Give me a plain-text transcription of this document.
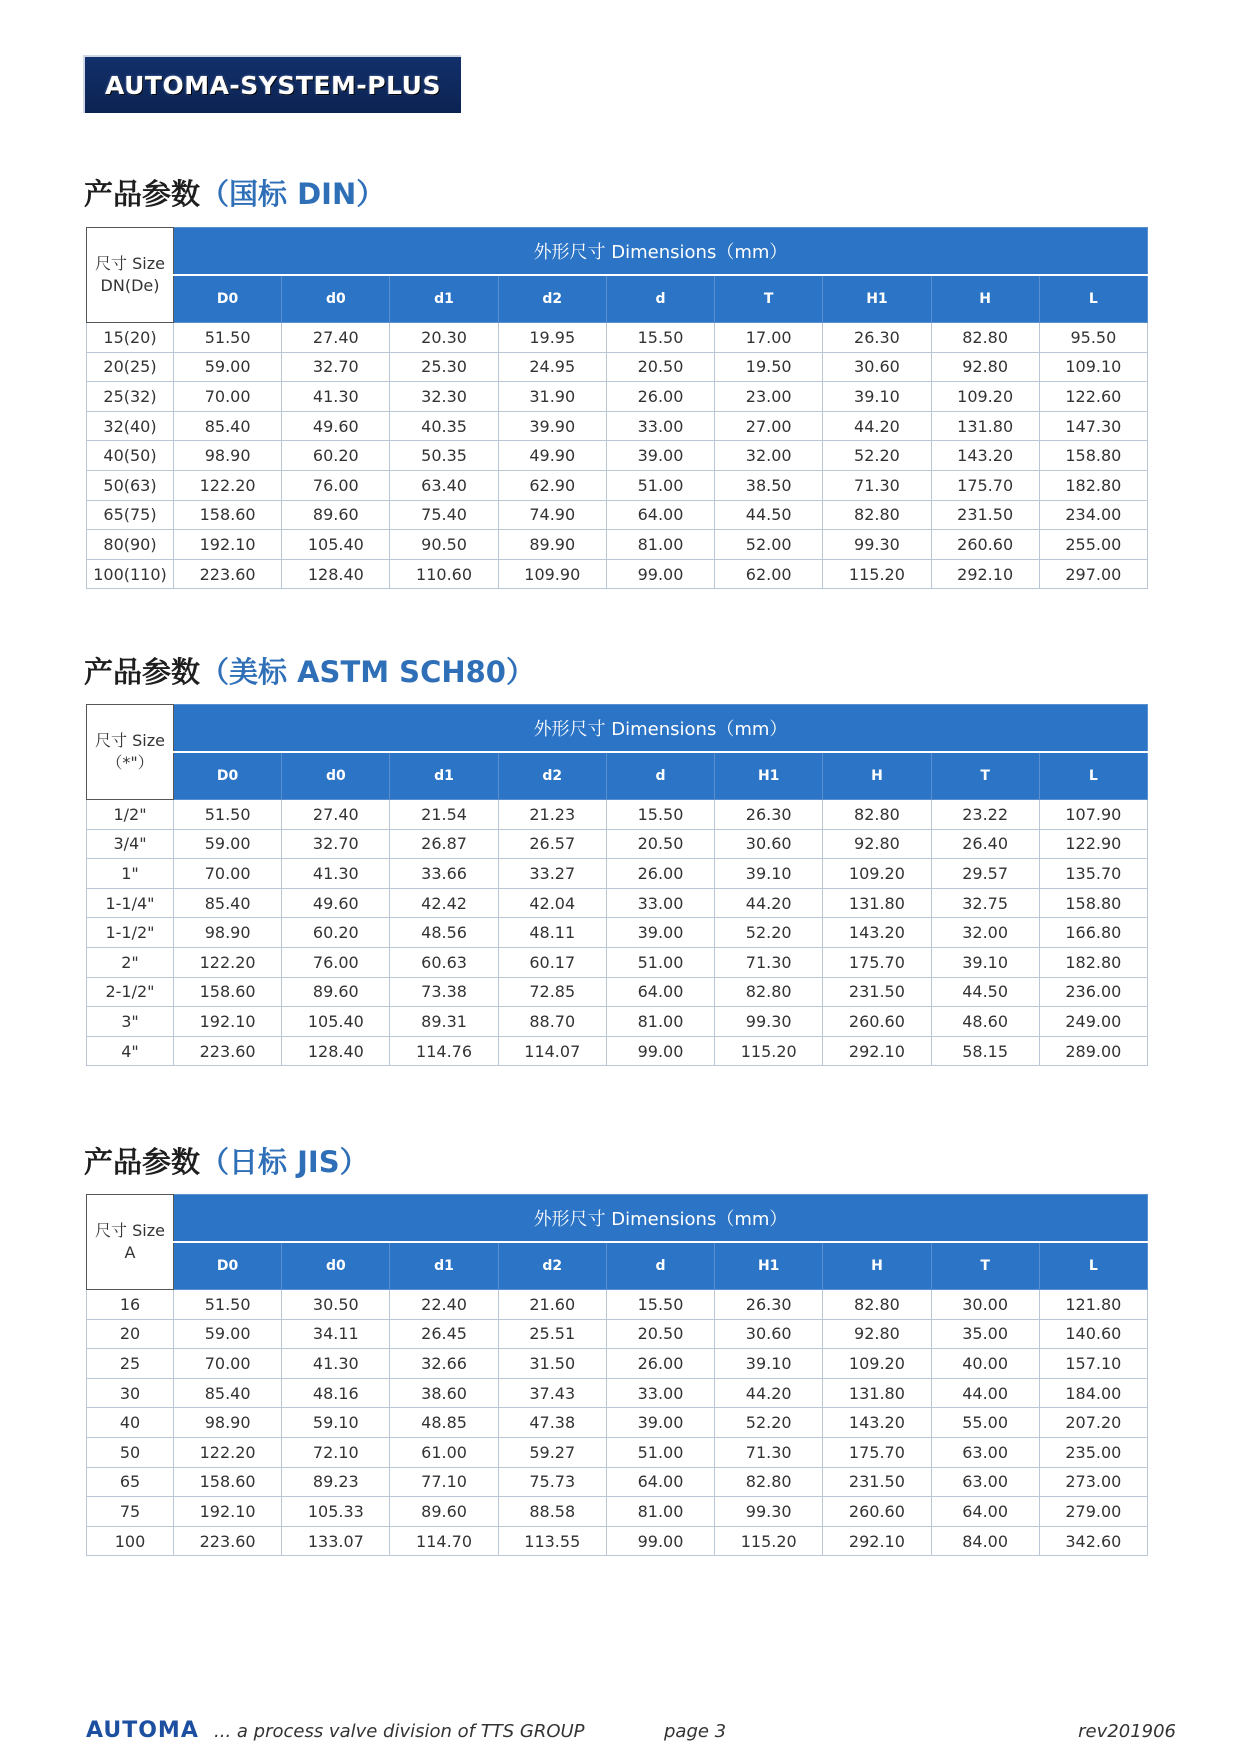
AUTOMA-SYSTEM-PLUS
产品参数（国标 DIN）
尺寸 Size
DN(De)	外形尺寸 Dimensions（mm）								
	D0	d0	d1	d2	d	T	H1	H	L
15(20)	51.50	27.40	20.30	19.95	15.50	17.00	26.30	82.80	95.50
20(25)	59.00	32.70	25.30	24.95	20.50	19.50	30.60	92.80	109.10
25(32)	70.00	41.30	32.30	31.90	26.00	23.00	39.10	109.20	122.60
32(40)	85.40	49.60	40.35	39.90	33.00	27.00	44.20	131.80	147.30
40(50)	98.90	60.20	50.35	49.90	39.00	32.00	52.20	143.20	158.80
50(63)	122.20	76.00	63.40	62.90	51.00	38.50	71.30	175.70	182.80
65(75)	158.60	89.60	75.40	74.90	64.00	44.50	82.80	231.50	234.00
80(90)	192.10	105.40	90.50	89.90	81.00	52.00	99.30	260.60	255.00
100(110)	223.60	128.40	110.60	109.90	99.00	62.00	115.20	292.10	297.00
产品参数（美标 ASTM SCH80）
尺寸 Size
（*"）	外形尺寸 Dimensions（mm）								
	D0	d0	d1	d2	d	H1	H	T	L
1/2"	51.50	27.40	21.54	21.23	15.50	26.30	82.80	23.22	107.90
3/4"	59.00	32.70	26.87	26.57	20.50	30.60	92.80	26.40	122.90
1"	70.00	41.30	33.66	33.27	26.00	39.10	109.20	29.57	135.70
1-1/4"	85.40	49.60	42.42	42.04	33.00	44.20	131.80	32.75	158.80
1-1/2"	98.90	60.20	48.56	48.11	39.00	52.20	143.20	32.00	166.80
2"	122.20	76.00	60.63	60.17	51.00	71.30	175.70	39.10	182.80
2-1/2"	158.60	89.60	73.38	72.85	64.00	82.80	231.50	44.50	236.00
3"	192.10	105.40	89.31	88.70	81.00	99.30	260.60	48.60	249.00
4"	223.60	128.40	114.76	114.07	99.00	115.20	292.10	58.15	289.00
产品参数（日标 JIS）
尺寸 Size
A	外形尺寸 Dimensions（mm）								
	D0	d0	d1	d2	d	H1	H	T	L
16	51.50	30.50	22.40	21.60	15.50	26.30	82.80	30.00	121.80
20	59.00	34.11	26.45	25.51	20.50	30.60	92.80	35.00	140.60
25	70.00	41.30	32.66	31.50	26.00	39.10	109.20	40.00	157.10
30	85.40	48.16	38.60	37.43	33.00	44.20	131.80	44.00	184.00
40	98.90	59.10	48.85	47.38	39.00	52.20	143.20	55.00	207.20
50	122.20	72.10	61.00	59.27	51.00	71.30	175.70	63.00	235.00
65	158.60	89.23	77.10	75.73	64.00	82.80	231.50	63.00	273.00
75	192.10	105.33	89.60	88.58	81.00	99.30	260.60	64.00	279.00
100	223.60	133.07	114.70	113.55	99.00	115.20	292.10	84.00	342.60
AUTOMA ... a process valve division of TTS GROUP	page 3	rev201906
